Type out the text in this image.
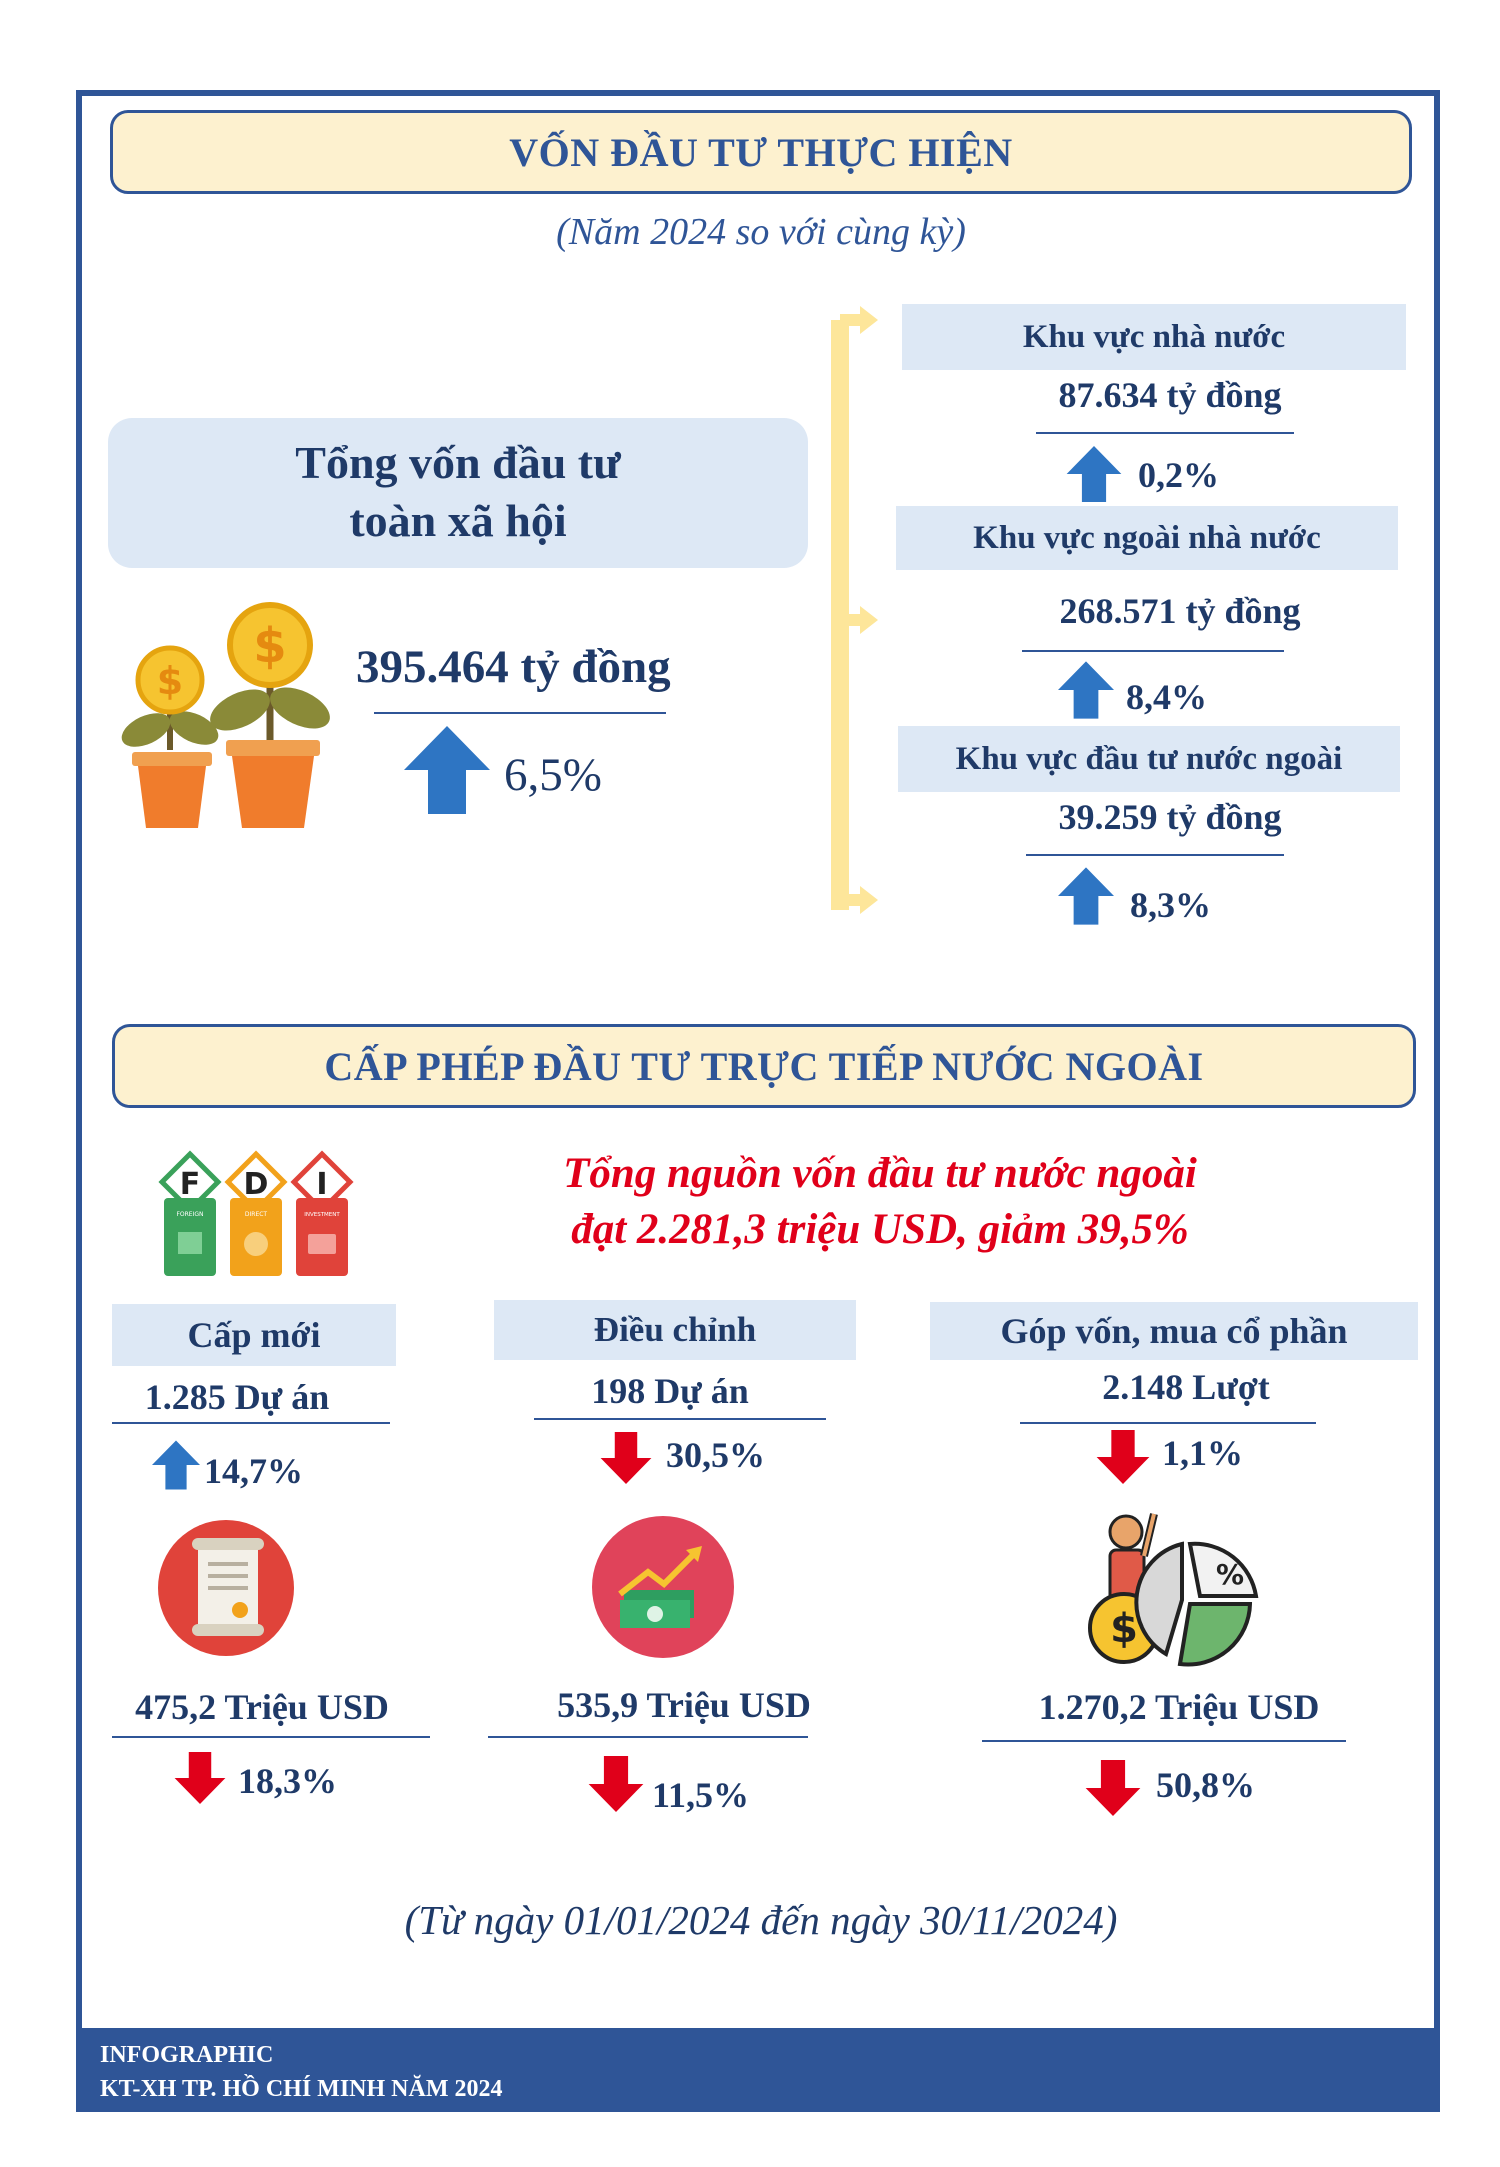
VỐN ĐẦU TƯ THỰC HIỆN
(Năm 2024 so với cùng kỳ)
Tổng vốn đầu tư
toàn xã hội
$
$ 395.464 tỷ đồng
6,5%
Khu vực nhà nước
87.634 tỷ đồng
0,2%
Khu vực ngoài nhà nước
268.571 tỷ đồng
8,4%
Khu vực đầu tư nước ngoài
39.259 tỷ đồng
8,3%
CẤP PHÉP ĐẦU TƯ TRỰC TIẾP NƯỚC NGOÀI
F
FOREIGN
D
DIRECT
I
INVESTMENT
Tổng nguồn vốn đầu tư nước ngoài
đạt 2.281,3 triệu USD, giảm 39,5%
Cấp mới
1.285 Dự án
14,7%
475,2 Triệu USD
18,3%
Điều chỉnh
198 Dự án
30,5%
535,9 Triệu USD
11,5%
Góp vốn, mua cổ phần
2.148 Lượt
1,1%
$
%
1.270,2 Triệu USD
50,8%
(Từ ngày 01/01/2024 đến ngày 30/11/2024)
INFOGRAPHIC
KT-XH TP. HỒ CHÍ MINH NĂM 2024
